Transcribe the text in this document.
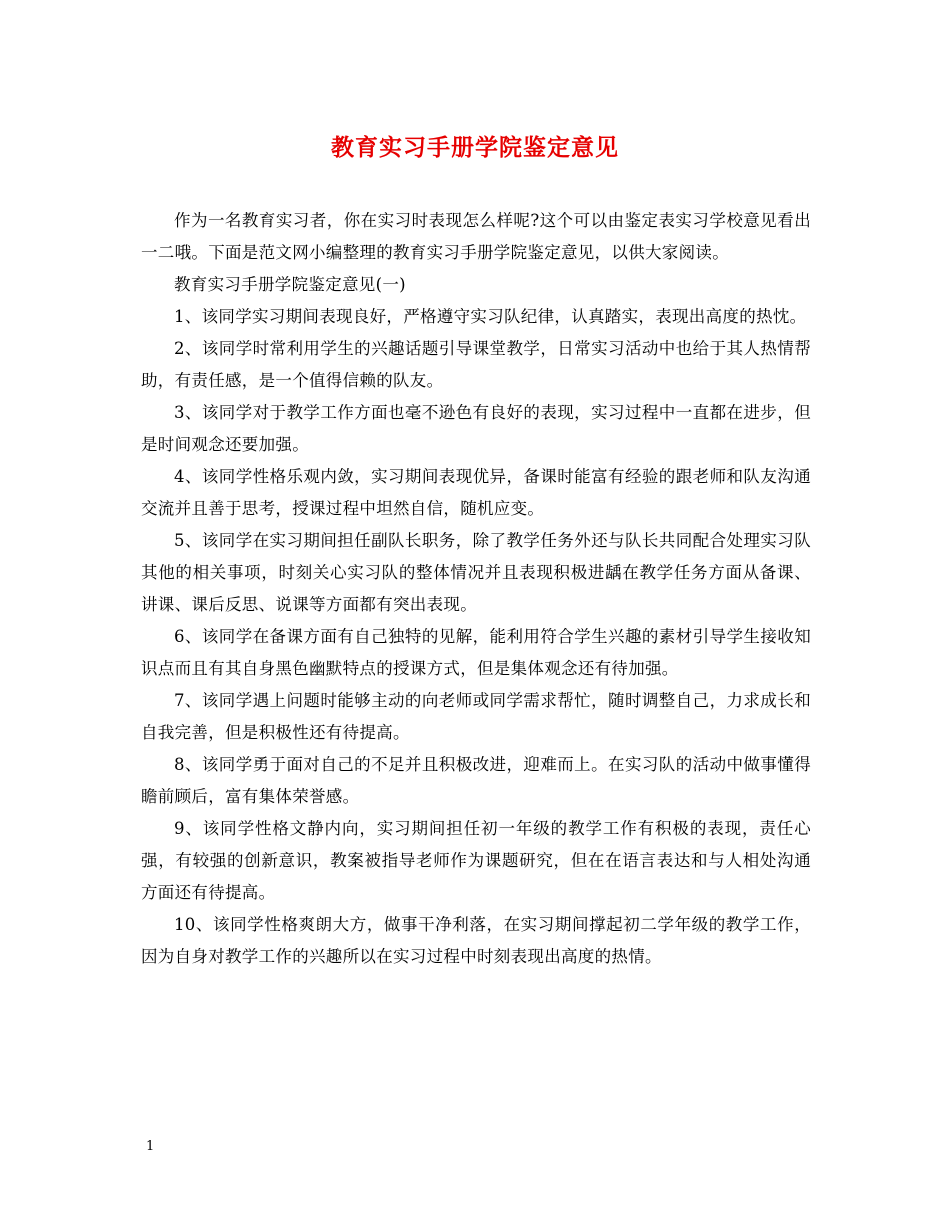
教育实习手册学院鉴定意见

作为一名教育实习者，你在实习时表现怎么样呢?这个可以由鉴定表实习学校意见看出一二哦。下面是范文网小编整理的教育实习手册学院鉴定意见，以供大家阅读。

教育实习手册学院鉴定意见(一)

1、该同学实习期间表现良好，严格遵守实习队纪律，认真踏实，表现出高度的热忱。

2、该同学时常利用学生的兴趣话题引导课堂教学，日常实习活动中也给于其人热情帮助，有责任感，是一个值得信赖的队友。

3、该同学对于教学工作方面也毫不逊色有良好的表现，实习过程中一直都在进步，但是时间观念还要加强。

4、该同学性格乐观内敛，实习期间表现优异，备课时能富有经验的跟老师和队友沟通交流并且善于思考，授课过程中坦然自信，随机应变。

5、该同学在实习期间担任副队长职务，除了教学任务外还与队长共同配合处理实习队其他的相关事项，时刻关心实习队的整体情况并且表现积极进龋在教学任务方面从备课、讲课、课后反思、说课等方面都有突出表现。

6、该同学在备课方面有自己独特的见解，能利用符合学生兴趣的素材引导学生接收知识点而且有其自身黑色幽默特点的授课方式，但是集体观念还有待加强。

7、该同学遇上问题时能够主动的向老师或同学需求帮忙，随时调整自己，力求成长和自我完善，但是积极性还有待提高。

8、该同学勇于面对自己的不足并且积极改进，迎难而上。在实习队的活动中做事懂得瞻前顾后，富有集体荣誉感。

9、该同学性格文静内向，实习期间担任初一年级的教学工作有积极的表现，责任心强，有较强的创新意识，教案被指导老师作为课题研究，但在在语言表达和与人相处沟通方面还有待提高。

10、该同学性格爽朗大方，做事干净利落，在实习期间撑起初二学年级的教学工作，因为自身对教学工作的兴趣所以在实习过程中时刻表现出高度的热情。

1
